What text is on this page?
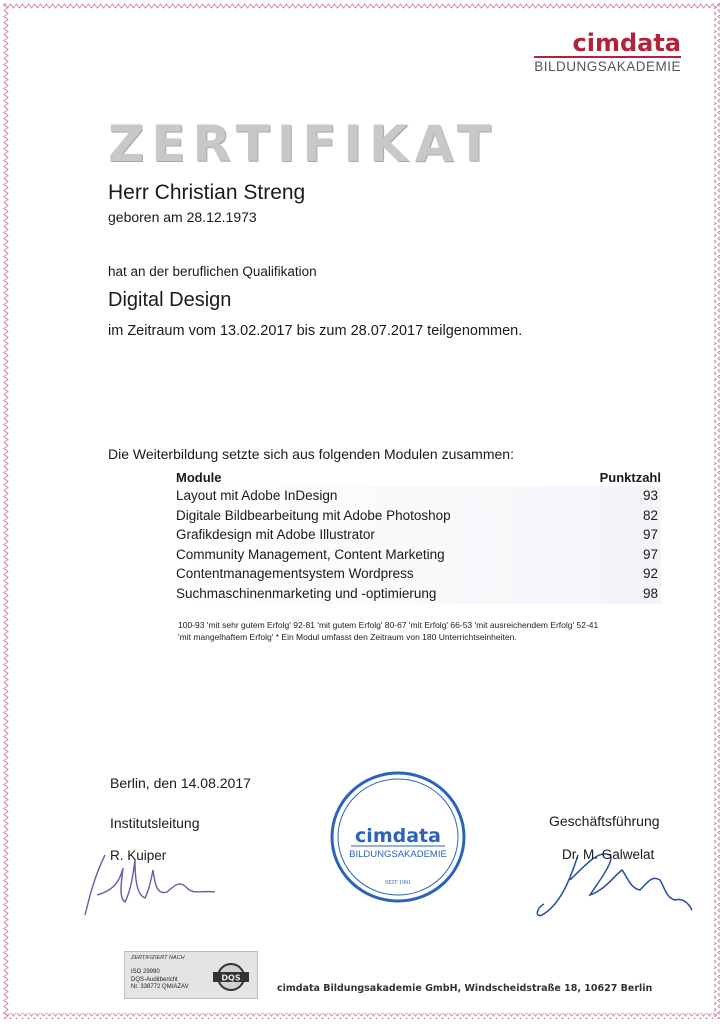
cimdata
BILDUNGSAKADEMIE
ZERTIFIKAT
Herr Christian Streng
geboren am 28.12.1973
hat an der beruflichen Qualifikation
Digital Design
im Zeitraum vom 13.02.2017 bis zum 28.07.2017 teilgenommen.
Die Weiterbildung setzte sich aus folgenden Modulen zusammen:
Module	Punktzahl
Layout mit Adobe InDesign	93
Digitale Bildbearbeitung mit Adobe Photoshop	82
Grafikdesign mit Adobe Illustrator	97
Community Management, Content Marketing	97
Contentmanagementsystem Wordpress	92
Suchmaschinenmarketing und -optimierung	98
100-93 'mit sehr gutem Erfolg' 92-81 'mit gutem Erfolg' 80-67 'mit Erfolg' 66-53 'mit ausreichendem Erfolg' 52-41
'mit mangelhaftem Erfolg' * Ein Modul umfasst den Zeitraum von 180 Unterrichtseinheiten.
Berlin, den 14.08.2017
Institutsleitung
R. Kuiper
cimdata
BILDUNGSAKADEMIE
SEIT 1991
Geschäftsführung
Dr. M. Galwelat
ZERTIFIZIERT NACH
ISO 29990
DQS-Auditbericht
Nr. 338772 QM/AZAV
DQS
cimdata Bildungsakademie GmbH, Windscheidstraße 18, 10627 Berlin
